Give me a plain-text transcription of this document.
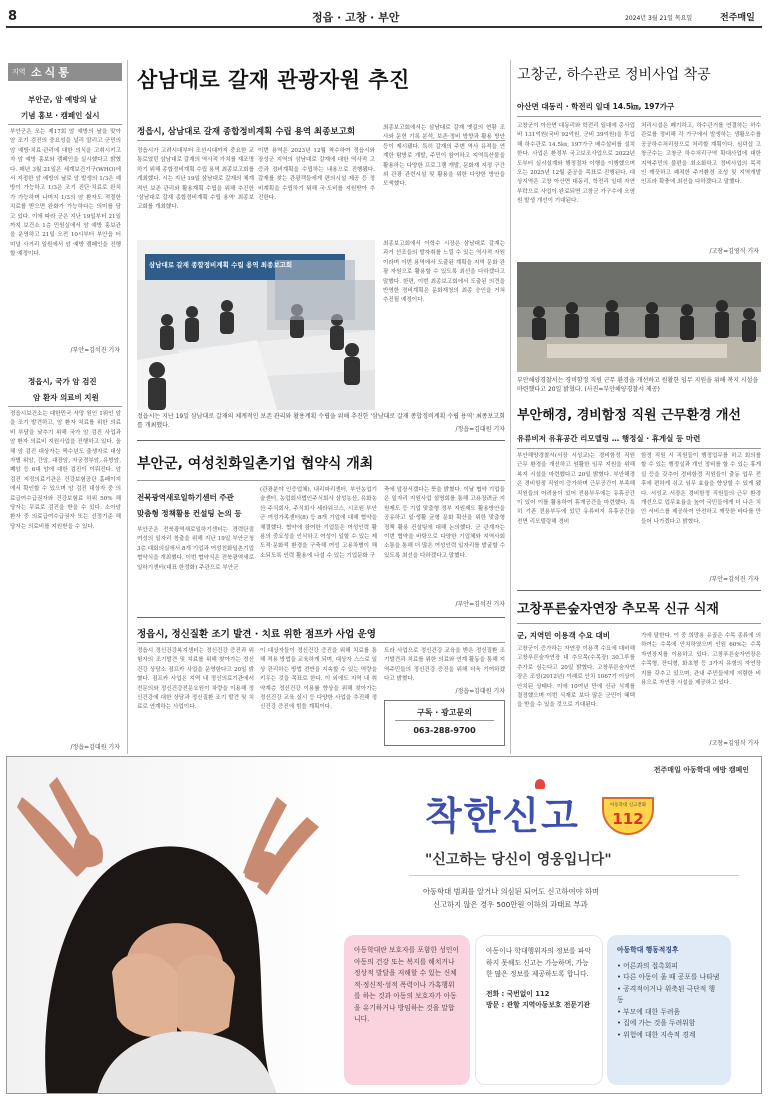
8	정읍 · 고창 · 부안	2024년 3월 21일 목요일	전주매일
지역 소식통
부안군, 암 예방의 날
기념 홍보 · 캠페인 실시
부안군은 오는 제17회 암 예방의 날을 맞아 암 조기 검진의 중요성을 널리 알리고 군민의 암 예방·치료·관리에 대한 의식을 고취시키고자 암 예방 홍보와 캠페인을 실시했다고 밝혔다. 매년 3월 21일은 세계보건기구(WHO)에서 지정한 암 예방의 날로 암 발생의 1/3은 예방이 가능하고 1/3은 조기 진단·치료로 완치가 가능하며 나머지 1/3의 암 환자도 적절한 치료를 받으면 완화가 가능하다는 의미를 담고 있다. 이에 따라 군은 지난 19일부터 21일까지 보건소 1층 민원실에서 암 예방 홍보관을 운영하고 21일 오전 10시부터 부안읍 터미널 사거리 일원에서 암 예방 캠페인을 진행할 예정이다.
/부안=김석진 기자
정읍시, 국가 암 검진
암 환자 의료비 지원
정읍시보건소는 대한민국 사망 원인 1위인 암을 조기 발견하고, 암 환자 치료를 위한 의료비 부담을 낮추기 위해 국가 암 검진 사업과 암 환자 의료비 지원사업을 진행하고 있다. 올해 암 검진 대상자는 짝수년도 출생자로 대상자별 위암, 간암, 대장암, 자궁경부암, 유방암, 폐암 등 6대 암에 대한 검진이 이뤄진다. 암 검진 지정의료기관은 건강보험공단 홈페이지에서 확인할 수 있으며 암 검진 대상자 중 의료급여수급권자와 건강보험료 하위 50% 해당자는 무료로 검진을 받을 수 있다. 소아암 환자 중 의료급여수급권자 또는 선정기준 해당자는 의료비를 지원받을 수 있다.
/정읍=김대원 기자
삼남대로 갈재 관광자원 추진
정읍시, 삼남대로 갈재 종합정비계획 수립 용역 최종보고회
정읍시가 고려시대부터 조선시대까지 중요한 교통로였던 삼남대로 갈재의 역사적 가치를 재조명하기 위해 종합정비계획 수립 용역 최종보고회를 개최했다. 시는 지난 19일 삼남대로 갈재의 체계적인 보존 관리와 활용계획 수립을 위해 추진한 '삼남대로 갈재 종합정비계획 수립 용역' 최종보고회를 개최했다.
이번 용역은 2023년 12월 착수하여 정읍시와 장성군 지역의 삼남대로 갈재에 대한 역사적 고증과 정비계획을 수립하는 내용으로 진행됐다. 갈재를 찾는 관광객들에게 편의시설 제공 등 정비계획을 수립하기 위해 국·도비를 지원받아 추진한다.
삼남대로 갈재 종합정비계획 수립 용역 최종보고회
정읍시는 지난 19일 삼남대로 갈재의 체계적인 보존 관리와 활용계획 수립을 위해 추진한 '삼남대로 갈재 종합정비계획 수립 용역' 최종보고회를 개최했다.
최종보고회에서는 삼남대로 갈재 옛길의 현황 조사와 문헌 기록 분석, 보존·정비 방향과 활용 방안 등이 제시됐다. 특히 갈재의 주변 역사 유적을 연계한 탐방로 개발, 주민이 참여하고 지역특산물을 활용하는 다양한 프로그램 개발, 문화재 지정 구간 외 관광 관련시설 및 활용을 위한 다양한 방안을 모색했다.
최종보고회에서 이학수 시장은 삼남대로 갈재는 과거 선조들의 발자취를 느낄 수 있는 역사적 자원이라며 이번 용역에서 도출된 계획을 지역 문화 관광 자원으로 활용할 수 있도록 최선을 다하겠다고 말했다. 한편, 이번 최종보고회에서 도출된 의견을 반영한 정비계획은 문화재청의 최종 승인을 거쳐 추진될 예정이다.
/정읍=김대원 기자
부안군, 여성친화일촌기업 협약식 개최
전북광역새로일하기센터 주관
맞춤형 정책활용 컨설팅 논의 등
부안군은 전북광역새로일하기센터는 경력단절여성의 일자리 창출을 위해 지난 19일 부안군청 3층 대회의실에서 8개 기업과 여성친화일촌기업 협약식을 개최했다. 이번 협약식은 전북광역새로일하기센터(대표 한정화) 주관으로 부안군
(관광분야 인증업체), 내리파리센터, 부안농업기술센터, 농업회사법인주식회사 삼성농산, 유화농산 주식회사, 주식회사 세라워크스, 시조원 부안군 여성가족센터(8) 등 8개 기업에 대해 협약을 체결했다. 협약에 참여한 기업들은 여성인력 활용의 중요성을 인식하고 여성이 일할 수 있는 제도적·문화적 환경을 구축해 여성 고용차별이 해소되도록 인력 활용에 나설 수 있는 기업문화 구
축에 앞장서겠다는 뜻을 밝혔다. 이날 협약 기업들은 일자리 지원사업 설명회를 통해 고용장려금 지원제도 등 기업 맞춤형 정부 지원제도 활용방안을 공유하고 일·생활 균형 문화 확산을 위한 맞춤형 정책 활용 컨설팅에 대해 논의했다. 군 관계자는 이번 협약을 바탕으로 다양한 기업체와 지역사회 소통을 통해 더 많은 여성인력 일자리를 발굴할 수 있도록 최선을 다하겠다고 말했다.
/부안=김석진 기자
정읍시, 정신질환 조기 발견 · 치료 위한 점프카 사업 운영
정읍시 정신건강복지센터는 정신건강 증진과 위험자의 조기발견 및 치료를 위해 찾아가는 정신건강 상담소 점프카 사업을 운영한다고 20일 밝혔다. 점프카 사업은 지역 내 정신의료기관에서 전문의와 정신건강전문요원이 차량을 이용해 정신건강에 대한 상담과 정신질환 조기 발견 및 치료로 연계하는 사업이다.
이 대상자들이 정신건강 증진을 위해 치료를 통해 적용 방법을 교육하게 되며, 대상자 스스로 일상 관리하는 방법 전반을 지속할 수 있는 역량을 키우는 것을 목표로 한다. 이 외에도 지역 내 취약계층 정신건강 이용률 향상을 위해 찾아가는 정신건강 교육 실시 등 다양한 사업을 추진해 정신건강 증진에 힘쓸 계획이다.
트라 사업으로 정신건강 교육을 받은 정신질환 조기발견과 치료를 위한 의료와 연계 활동을 통해 지역주민들의 정신건강 증진을 위해 더욱 기여하겠다고 밝혔다.
/정읍=김대원 기자
구독 · 광고문의
063-288-9700
고창군, 하수관로 정비사업 착공
아산면 대동리 · 학전리 일대 14.5㎞, 197가구
고창군이 아산면 대동리와 학전리 일대에 총사업비 131억원(국비 92억원, 군비 39억원)을 투입해 하수관로 14.5㎞, 197가구 배수설비를 설치한다. 사업은 환경부 국고보조사업으로 2022년도부터 실시설계와 행정절차 이행을 이행했으며 오는 2025년 12월 준공을 목표로 진행된다. 대상지역은 고창 아산면 대동리, 학전리 일대 자연부락으로 사업이 완료되면 고창군 가구수에 오염원 발생 개선이 기대된다.
처리시설은 폐기하고, 하수관거를 연결하는 하수관로를 정비해 각 가구에서 발생하는 생활오수를 공공하수처리장으로 처리할 계획이다. 심덕섭 고창군수는 고창군 하수처리구역 확대사업에 대한 지역주민의 불편을 최소화하고 정비사업의 목적인 깨끗하고 쾌적한 주거환경 조성 및 지역개발 인프라 확충에 최선을 다하겠다고 말했다.
/고창=김영식 기자
부안해양경찰서는 경비함정 직원 근무 환경을 개선하고 원활한 임무 지원을 위해 복지 시설을 마련했다고 20일 밝혔다. (사진=부안해양경찰서 제공)
부안해경, 경비함정 직원 근무환경 개선
유류비저 유휴공간 리모델링 … 행정실 · 휴게실 등 마련
부안해양경찰서(서장 서성교)는 경비함정 직원 근무 환경을 개선하고 원활한 임무 지원을 위해 복지 시설을 마련했다고 20일 밝혔다. 부안해경은 경비함정 직원이 증가하며 근무공간이 부족해 직원들의 어려움이 있어 전용부두에는 유휴공간이 있어 이를 활용하여 휴게공간을 마련했다. 특히 기존 전용부두에 있던 유류비저 유휴공간을 전면 리모델링해 경비
함정 직원 시 직원들이 행정업무를 하고 회의를 할 수 있는 행정실과 개인 정비를 할 수 있는 휴게실 등을 갖추어 경비함정 직원들이 출동 업무 전후에 편하게 쉬고 임무 효율을 향상할 수 있게 됐다. 서성교 서장은 경비함정 직원들의 근무 환경 개선으로 업무효율을 높여 국민들에게 더 나은 치안 서비스를 제공하여 안전하고 깨끗한 바다를 만들어 나가겠다고 밝혔다.
/부안=김석진 기자
고창푸른숲자연장 추모목 신규 식재
군, 지역민 이용객 수요 대비
고창군이 증가하는 자연장 이용객 수요에 대비해 고창푸른숲자연장 내 추모목(수목장) 30그루를 추가로 심는다고 20일 밝혔다. 고창푸른숲자연장은 조성(2012년) 이래로 안치 1067기 이상이 안치된 상태다. 이에 10여년 만에 신규 식재를 결정했으며 이번 식재로 보다 많은 군민이 혜택을 받을 수 있을 것으로 기대된다.
가에 달한다. 이 중 희망용 유골은 수목 종류에 의하여는 수목에 안치하였으며 인원 60%는 수목 자연장지를 이용하고 있다. 고창푸른숲자연장은 수목형, 잔디형, 화초형 등 3가지 유형의 자연장지를 갖추고 있으며, 관내 주민들에게 저렴한 비용으로 자연장 시설을 제공하고 있다.
/고창=김영식 기자
전주매일 아동학대 예방 캠페인
착한신고	아동학대 신고전화
112
"신고하는 당신이 영웅입니다"
아동학대 범죄를 알거나 의심된 되어도 신고하여야 하며
신고하지 않은 경우 500만원 이하의 과태료 부과
아동학대란 보호자를 포함한 성인이 아동의 건강 또는 복지를 해치거나 정상적 발달을 저해할 수 있는 신체적·정신적·성적 폭력이나 가혹행위를 하는 것과 아동의 보호자가 아동을 유기하거나 방임하는 것을 말합니다.
아동이나 학대행위자의 정보를 파악하지 못해도 신고는 가능하며, 가능한 많은 정보를 제공하도록 합니다.
전화 : 국번없이 112
방문 : 관할 지역아동보호 전문기관
아동학대 행동적징후
• 어른과의 접촉회피
• 다른 아동이 울 때 공포를 나타냄
• 공격적이거나 위축된 극단적 행동
• 부모에 대한 두려움
• 집에 가는 것을 두려워함
• 위험에 대한 지속적 경계
